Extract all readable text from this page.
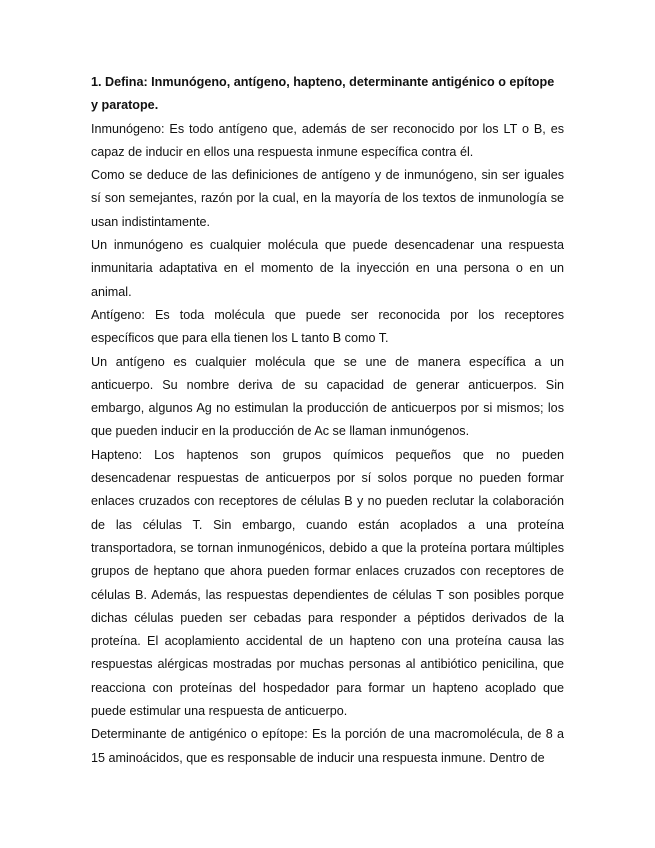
1. Defina: Inmunógeno, antígeno, hapteno, determinante antigénico o epítope y paratope.

Inmunógeno: Es todo antígeno que, además de ser reconocido por los LT o B, es capaz de inducir en ellos una respuesta inmune específica contra él.

Como se deduce de las definiciones de antígeno y de inmunógeno, sin ser iguales sí son semejantes, razón por la cual, en la mayoría de los textos de inmunología se usan indistintamente.

Un inmunógeno es cualquier molécula que puede desencadenar una respuesta inmunitaria adaptativa en el momento de la inyección en una persona o en un animal.

Antígeno: Es toda molécula que puede ser reconocida por los receptores específicos que para ella tienen los L tanto B como T.

Un antígeno es cualquier molécula que se une de manera específica a un anticuerpo. Su nombre deriva de su capacidad de generar anticuerpos. Sin embargo, algunos Ag no estimulan la producción de anticuerpos por si mismos; los que pueden inducir en la producción de Ac se llaman inmunógenos.

Hapteno: Los haptenos son grupos químicos pequeños que no pueden desencadenar respuestas de anticuerpos por sí solos porque no pueden formar enlaces cruzados con receptores de células B y no pueden reclutar la colaboración de las células T. Sin embargo, cuando están acoplados a una proteína transportadora, se tornan inmunogénicos, debido a que la proteína portara múltiples grupos de heptano que ahora pueden formar enlaces cruzados con receptores de células B. Además, las respuestas dependientes de células T son posibles porque dichas células pueden ser cebadas para responder a péptidos derivados de la proteína. El acoplamiento accidental de un hapteno con una proteína causa las respuestas alérgicas mostradas por muchas personas al antibiótico penicilina, que reacciona con proteínas del hospedador para formar un hapteno acoplado que puede estimular una respuesta de anticuerpo.

Determinante de antigénico o epítope: Es la porción de una macromolécula, de 8 a 15 aminoácidos, que es responsable de inducir una respuesta inmune. Dentro de
